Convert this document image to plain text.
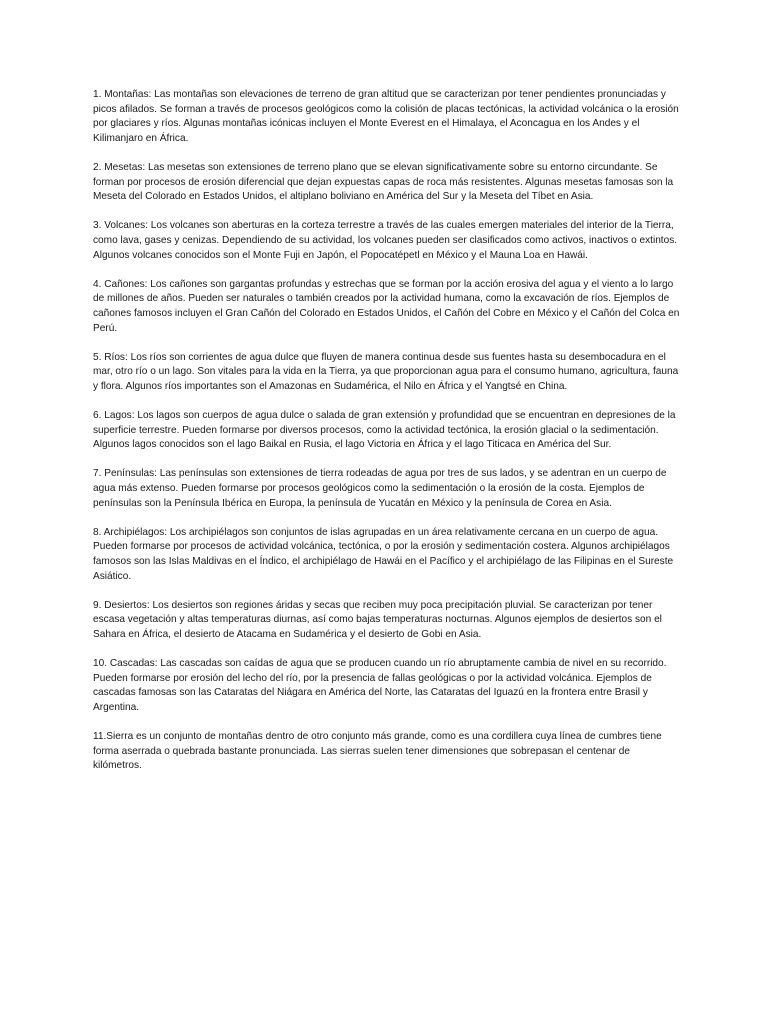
1. Montañas: Las montañas son elevaciones de terreno de gran altitud que se caracterizan por tener pendientes pronunciadas y picos afilados. Se forman a través de procesos geológicos como la colisión de placas tectónicas, la actividad volcánica o la erosión por glaciares y ríos. Algunas montañas icónicas incluyen el Monte Everest en el Himalaya, el Aconcagua en los Andes y el Kilimanjaro en África.

2. Mesetas: Las mesetas son extensiones de terreno plano que se elevan significativamente sobre su entorno circundante. Se forman por procesos de erosión diferencial que dejan expuestas capas de roca más resistentes. Algunas mesetas famosas son la Meseta del Colorado en Estados Unidos, el altiplano boliviano en América del Sur y la Meseta del Tíbet en Asia.

3. Volcanes: Los volcanes son aberturas en la corteza terrestre a través de las cuales emergen materiales del interior de la Tierra, como lava, gases y cenizas. Dependiendo de su actividad, los volcanes pueden ser clasificados como activos, inactivos o extintos. Algunos volcanes conocidos son el Monte Fuji en Japón, el Popocatépetl en México y el Mauna Loa en Hawái.

4. Cañones: Los cañones son gargantas profundas y estrechas que se forman por la acción erosiva del agua y el viento a lo largo de millones de años. Pueden ser naturales o también creados por la actividad humana, como la excavación de ríos. Ejemplos de cañones famosos incluyen el Gran Cañón del Colorado en Estados Unidos, el Cañón del Cobre en México y el Cañón del Colca en Perú.

5. Ríos: Los ríos son corrientes de agua dulce que fluyen de manera continua desde sus fuentes hasta su desembocadura en el mar, otro río o un lago. Son vitales para la vida en la Tierra, ya que proporcionan agua para el consumo humano, agricultura, fauna y flora. Algunos ríos importantes son el Amazonas en Sudamérica, el Nilo en África y el Yangtsé en China.

6. Lagos: Los lagos son cuerpos de agua dulce o salada de gran extensión y profundidad que se encuentran en depresiones de la superficie terrestre. Pueden formarse por diversos procesos, como la actividad tectónica, la erosión glacial o la sedimentación. Algunos lagos conocidos son el lago Baikal en Rusia, el lago Victoria en África y el lago Titicaca en América del Sur.

7. Penínsulas: Las penínsulas son extensiones de tierra rodeadas de agua por tres de sus lados, y se adentran en un cuerpo de agua más extenso. Pueden formarse por procesos geológicos como la sedimentación o la erosión de la costa. Ejemplos de penínsulas son la Península Ibérica en Europa, la península de Yucatán en México y la península de Corea en Asia.

8. Archipiélagos: Los archipiélagos son conjuntos de islas agrupadas en un área relativamente cercana en un cuerpo de agua. Pueden formarse por procesos de actividad volcánica, tectónica, o por la erosión y sedimentación costera. Algunos archipiélagos famosos son las Islas Maldivas en el Índico, el archipiélago de Hawái en el Pacífico y el archipiélago de las Filipinas en el Sureste Asiático.

9. Desiertos: Los desiertos son regiones áridas y secas que reciben muy poca precipitación pluvial. Se caracterizan por tener escasa vegetación y altas temperaturas diurnas, así como bajas temperaturas nocturnas. Algunos ejemplos de desiertos son el Sahara en África, el desierto de Atacama en Sudamérica y el desierto de Gobi en Asia.

10. Cascadas: Las cascadas son caídas de agua que se producen cuando un río abruptamente cambia de nivel en su recorrido. Pueden formarse por erosión del lecho del río, por la presencia de fallas geológicas o por la actividad volcánica. Ejemplos de cascadas famosas son las Cataratas del Niágara en América del Norte, las Cataratas del Iguazú en la frontera entre Brasil y Argentina.

11.Sierra es un conjunto de montañas dentro de otro conjunto más grande, como es una cordillera cuya línea de cumbres tiene forma aserrada o quebrada bastante pronunciada. Las sierras suelen tener dimensiones que sobrepasan el centenar de kilómetros.
